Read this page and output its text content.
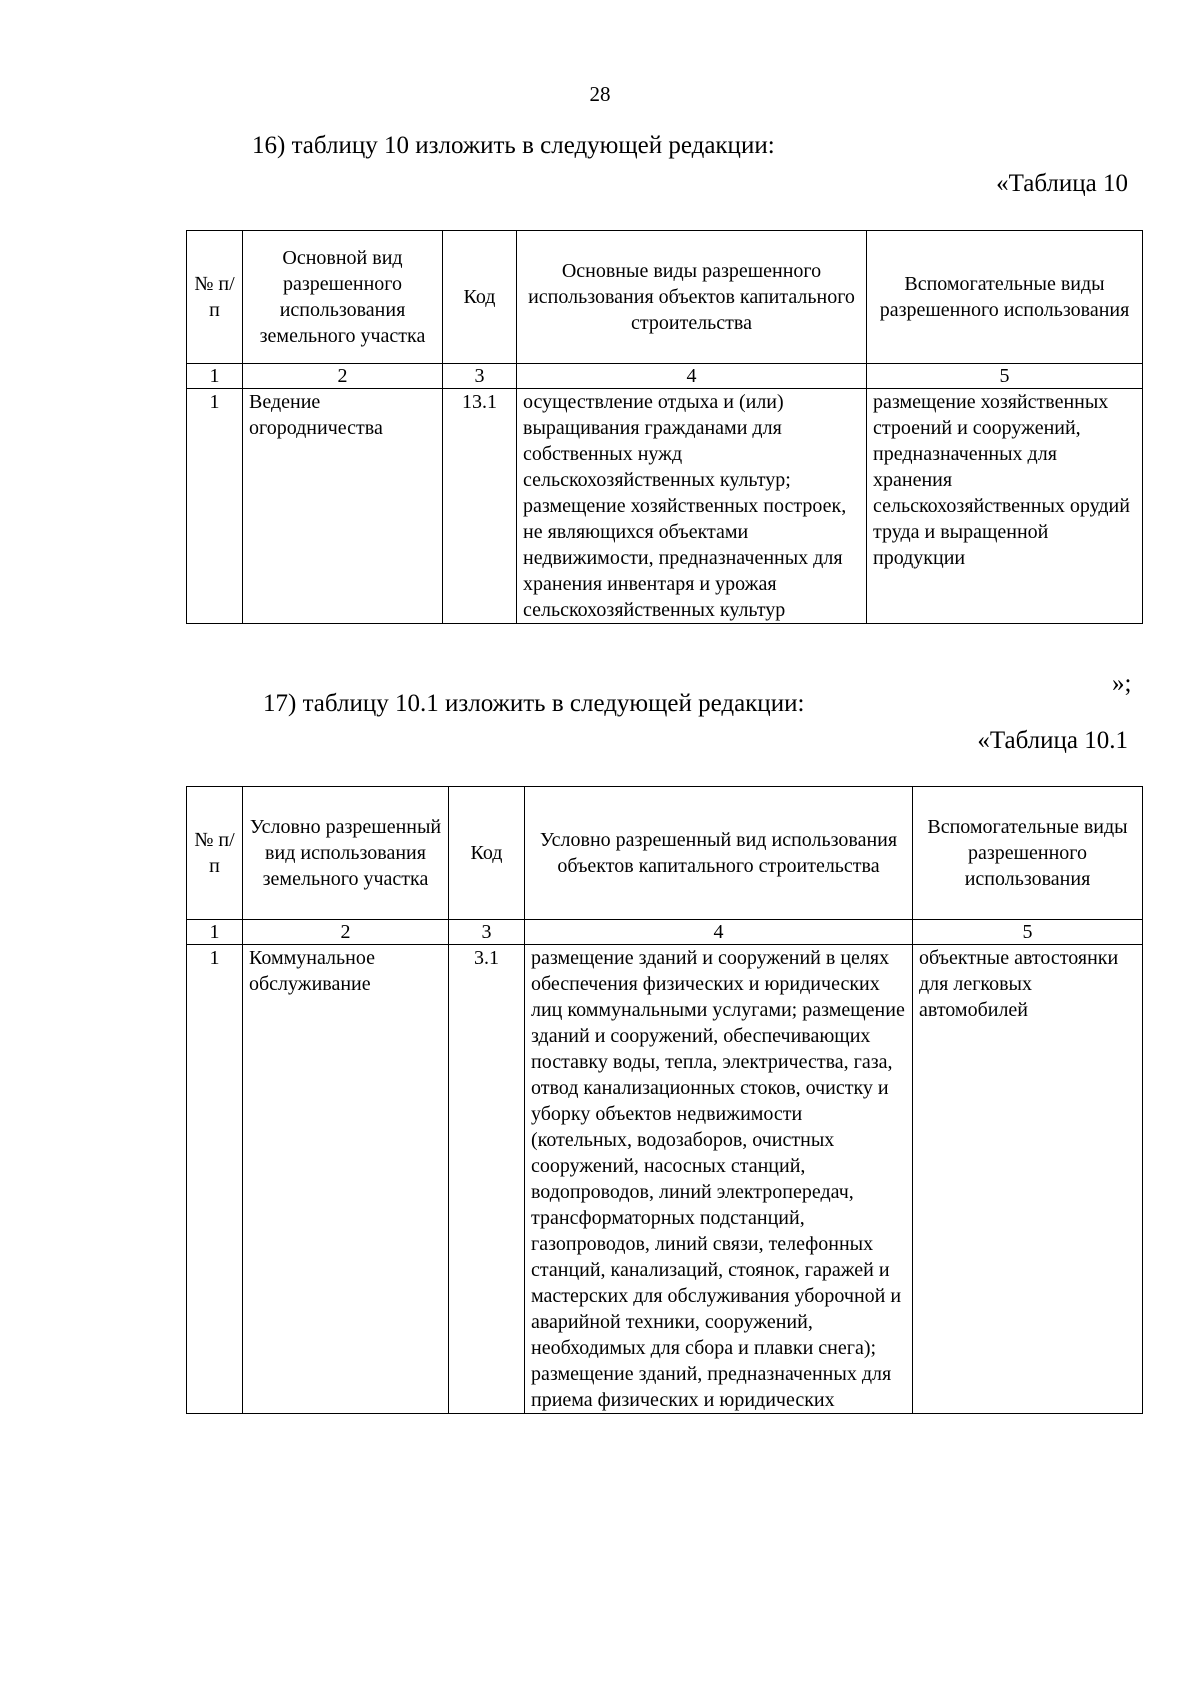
28
16) таблицу 10 изложить в следующей редакции:
«Таблица 10
№ п/п	Основной вид разрешенного использования земельного участка	Код	Основные виды разрешенного использования объектов капитального строительства	Вспомогательные виды разрешенного использования
1	2	3	4	5
1	Ведение огородничества	13.1	осуществление отдыха и (или) выращивания гражданами для собственных нужд сельскохозяйственных культур; размещение хозяйственных построек, не являющихся объектами недвижимости, предназначенных для хранения инвентаря и урожая сельскохозяйственных культур	размещение хозяйственных строений и сооружений, предназначенных для хранения сельскохозяйственных орудий труда и выращенной продукции
»;
17) таблицу 10.1 изложить в следующей редакции:
«Таблица 10.1
№ п/п	Условно разрешенный вид использования земельного участка	Код	Условно разрешенный вид использования объектов капитального строительства	Вспомогательные виды разрешенного использования
1	2	3	4	5
1	Коммунальное обслуживание	3.1	размещение зданий и сооружений в целях обеспечения физических и юридических лиц коммунальными услугами; размещение зданий и сооружений, обеспечивающих поставку воды, тепла, электричества, газа, отвод канализационных стоков, очистку и уборку объектов недвижимости (котельных, водозаборов, очистных сооружений, насосных станций, водопроводов, линий электропередач, трансформаторных подстанций, газопроводов, линий связи, телефонных станций, канализаций, стоянок, гаражей и мастерских для обслуживания уборочной и аварийной техники, сооружений, необходимых для сбора и плавки снега); размещение зданий, предназначенных для приема физических и юридических	объектные автостоянки для легковых автомобилей
